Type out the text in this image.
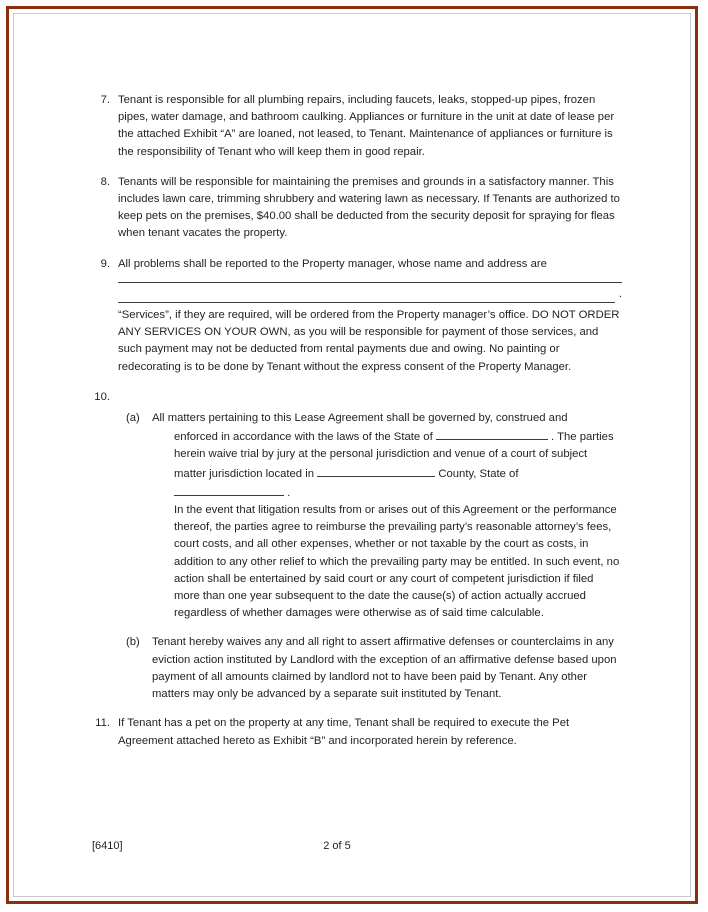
7. Tenant is responsible for all plumbing repairs, including faucets, leaks, stopped-up pipes, frozen pipes, water damage, and bathroom caulking. Appliances or furniture in the unit at date of lease per the attached Exhibit “A” are loaned, not leased, to Tenant. Maintenance of appliances or furniture is the responsibility of Tenant who will keep them in good repair.

8. Tenants will be responsible for maintaining the premises and grounds in a satisfactory manner. This includes lawn care, trimming shrubbery and watering lawn as necessary. If Tenants are authorized to keep pets on the premises, $40.00 shall be deducted from the security deposit for spraying for fleas when tenant vacates the property.

9. All problems shall be reported to the Property manager, whose name and address are

.

“Services”, if they are required, will be ordered from the Property manager’s office. DO NOT ORDER ANY SERVICES ON YOUR OWN, as you will be responsible for payment of those services, and such payment may not be deducted from rental payments due and owing. No painting or redecorating is to be done by Tenant without the express consent of the Property Manager.

10.
(a)	All matters pertaining to this Lease Agreement shall be governed by, construed and
enforced in accordance with the laws of the State of	. The parties
herein waive trial by jury at the personal jurisdiction and venue of a court of subject
matter jurisdiction located in	County, State of  .
In the event that litigation results from or arises out of this Agreement or the performance thereof, the parties agree to reimburse the prevailing party’s reasonable attorney’s fees, court costs, and all other expenses, whether or not taxable by the court as costs, in addition to any other relief to which the prevailing party may be entitled. In such event, no action shall be entertained by said court or any court of competent jurisdiction if filed more than one year subsequent to the date the cause(s) of action actually accrued regardless of whether damages were otherwise as of said time calculable.
(b)	Tenant hereby waives any and all right to assert affirmative defenses or counterclaims in any eviction action instituted by Landlord with the exception of an affirmative defense based upon payment of all amounts claimed by landlord not to have been paid by Tenant. Any other matters may only be advanced by a separate suit instituted by Tenant.
11. If Tenant has a pet on the property at any time, Tenant shall be required to execute the Pet Agreement attached hereto as Exhibit “B” and incorporated herein by reference.

[6410]	2 of 5
